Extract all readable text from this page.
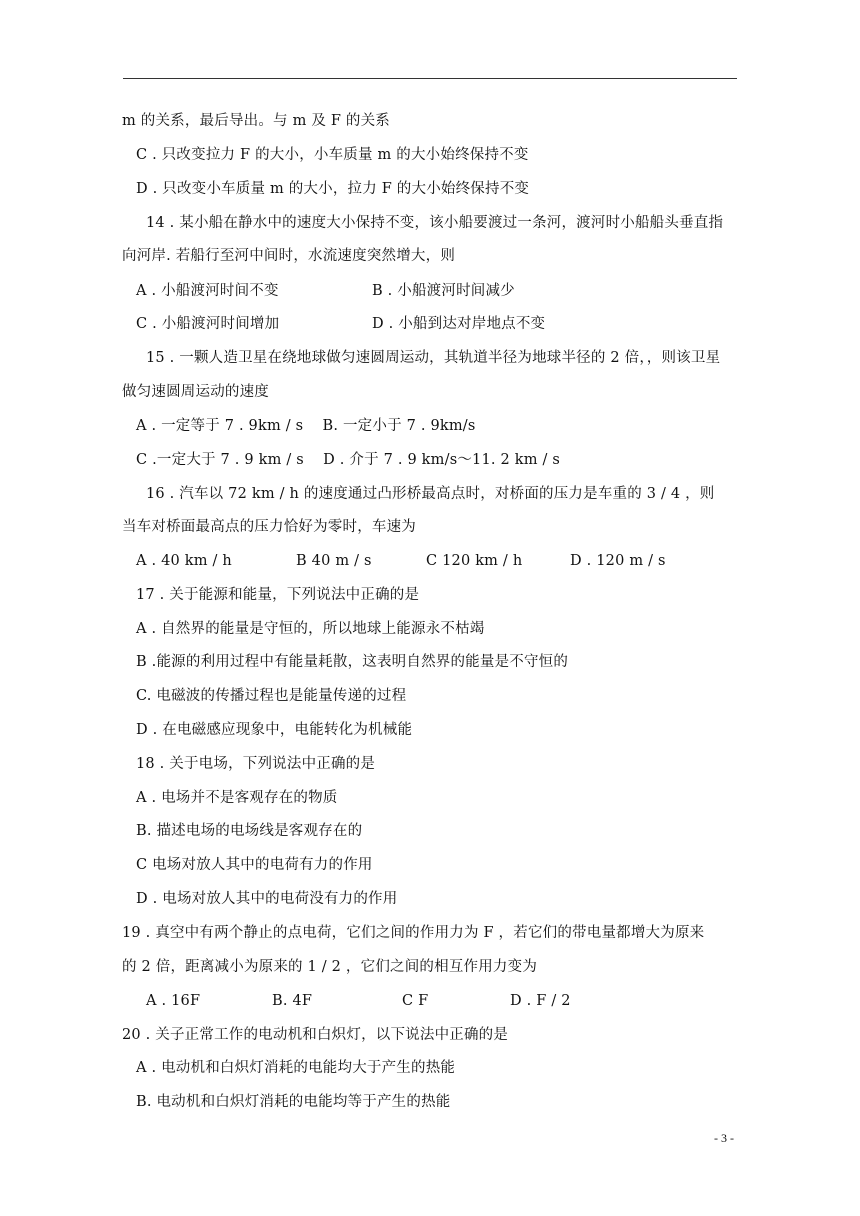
m 的关系，最后导出。与 m 及 F 的关系
C . 只改变拉力 F 的大小，小车质量 m 的大小始终保持不变
D . 只改变小车质量 m 的大小，拉力 F 的大小始终保持不变
14 . 某小船在静水中的速度大小保持不变，该小船要渡过一条河，渡河时小船船头垂直指
向河岸. 若船行至河中间时，水流速度突然增大，则
A . 小船渡河时间不变	B . 小船渡河时间减少
C . 小船渡河时间增加	D . 小船到达对岸地点不变
15 . 一颗人造卫星在绕地球做匀速圆周运动，其轨道半径为地球半径的 2 倍，，则该卫星
做匀速圆周运动的速度
A . 一定等于 7 . 9km / s    B. 一定小于 7 . 9km/s
C .一定大于 7 . 9 km / s    D . 介于 7 . 9 km/s～11. 2 km / s
16 . 汽车以 72 km / h 的速度通过凸形桥最高点时，对桥面的压力是车重的 3 / 4 ，则
当车对桥面最高点的压力恰好为零时，车速为
A . 40 km / h	B 40 m / s	C 120 km / h	D . 120 m / s
17 . 关于能源和能量，下列说法中正确的是
A . 自然界的能量是守恒的，所以地球上能源永不枯竭
B .能源的利用过程中有能量耗散，这表明自然界的能量是不守恒的
C. 电磁波的传播过程也是能量传递的过程
D . 在电磁感应现象中，电能转化为机械能
18 . 关于电场，下列说法中正确的是
A . 电场并不是客观存在的物质
B. 描述电场的电场线是客观存在的
C 电场对放人其中的电荷有力的作用
D . 电场对放人其中的电荷没有力的作用
19 . 真空中有两个静止的点电荷，它们之间的作用力为 F ，若它们的带电量都增大为原来
的 2 倍，距离减小为原来的 1 / 2 ，它们之间的相互作用力变为
A . 16F	B. 4F	C F	D . F / 2
20 . 关子正常工作的电动机和白炽灯，以下说法中正确的是
A . 电动机和白炽灯消耗的电能均大于产生的热能
B. 电动机和白炽灯消耗的电能均等于产生的热能
- 3 -
